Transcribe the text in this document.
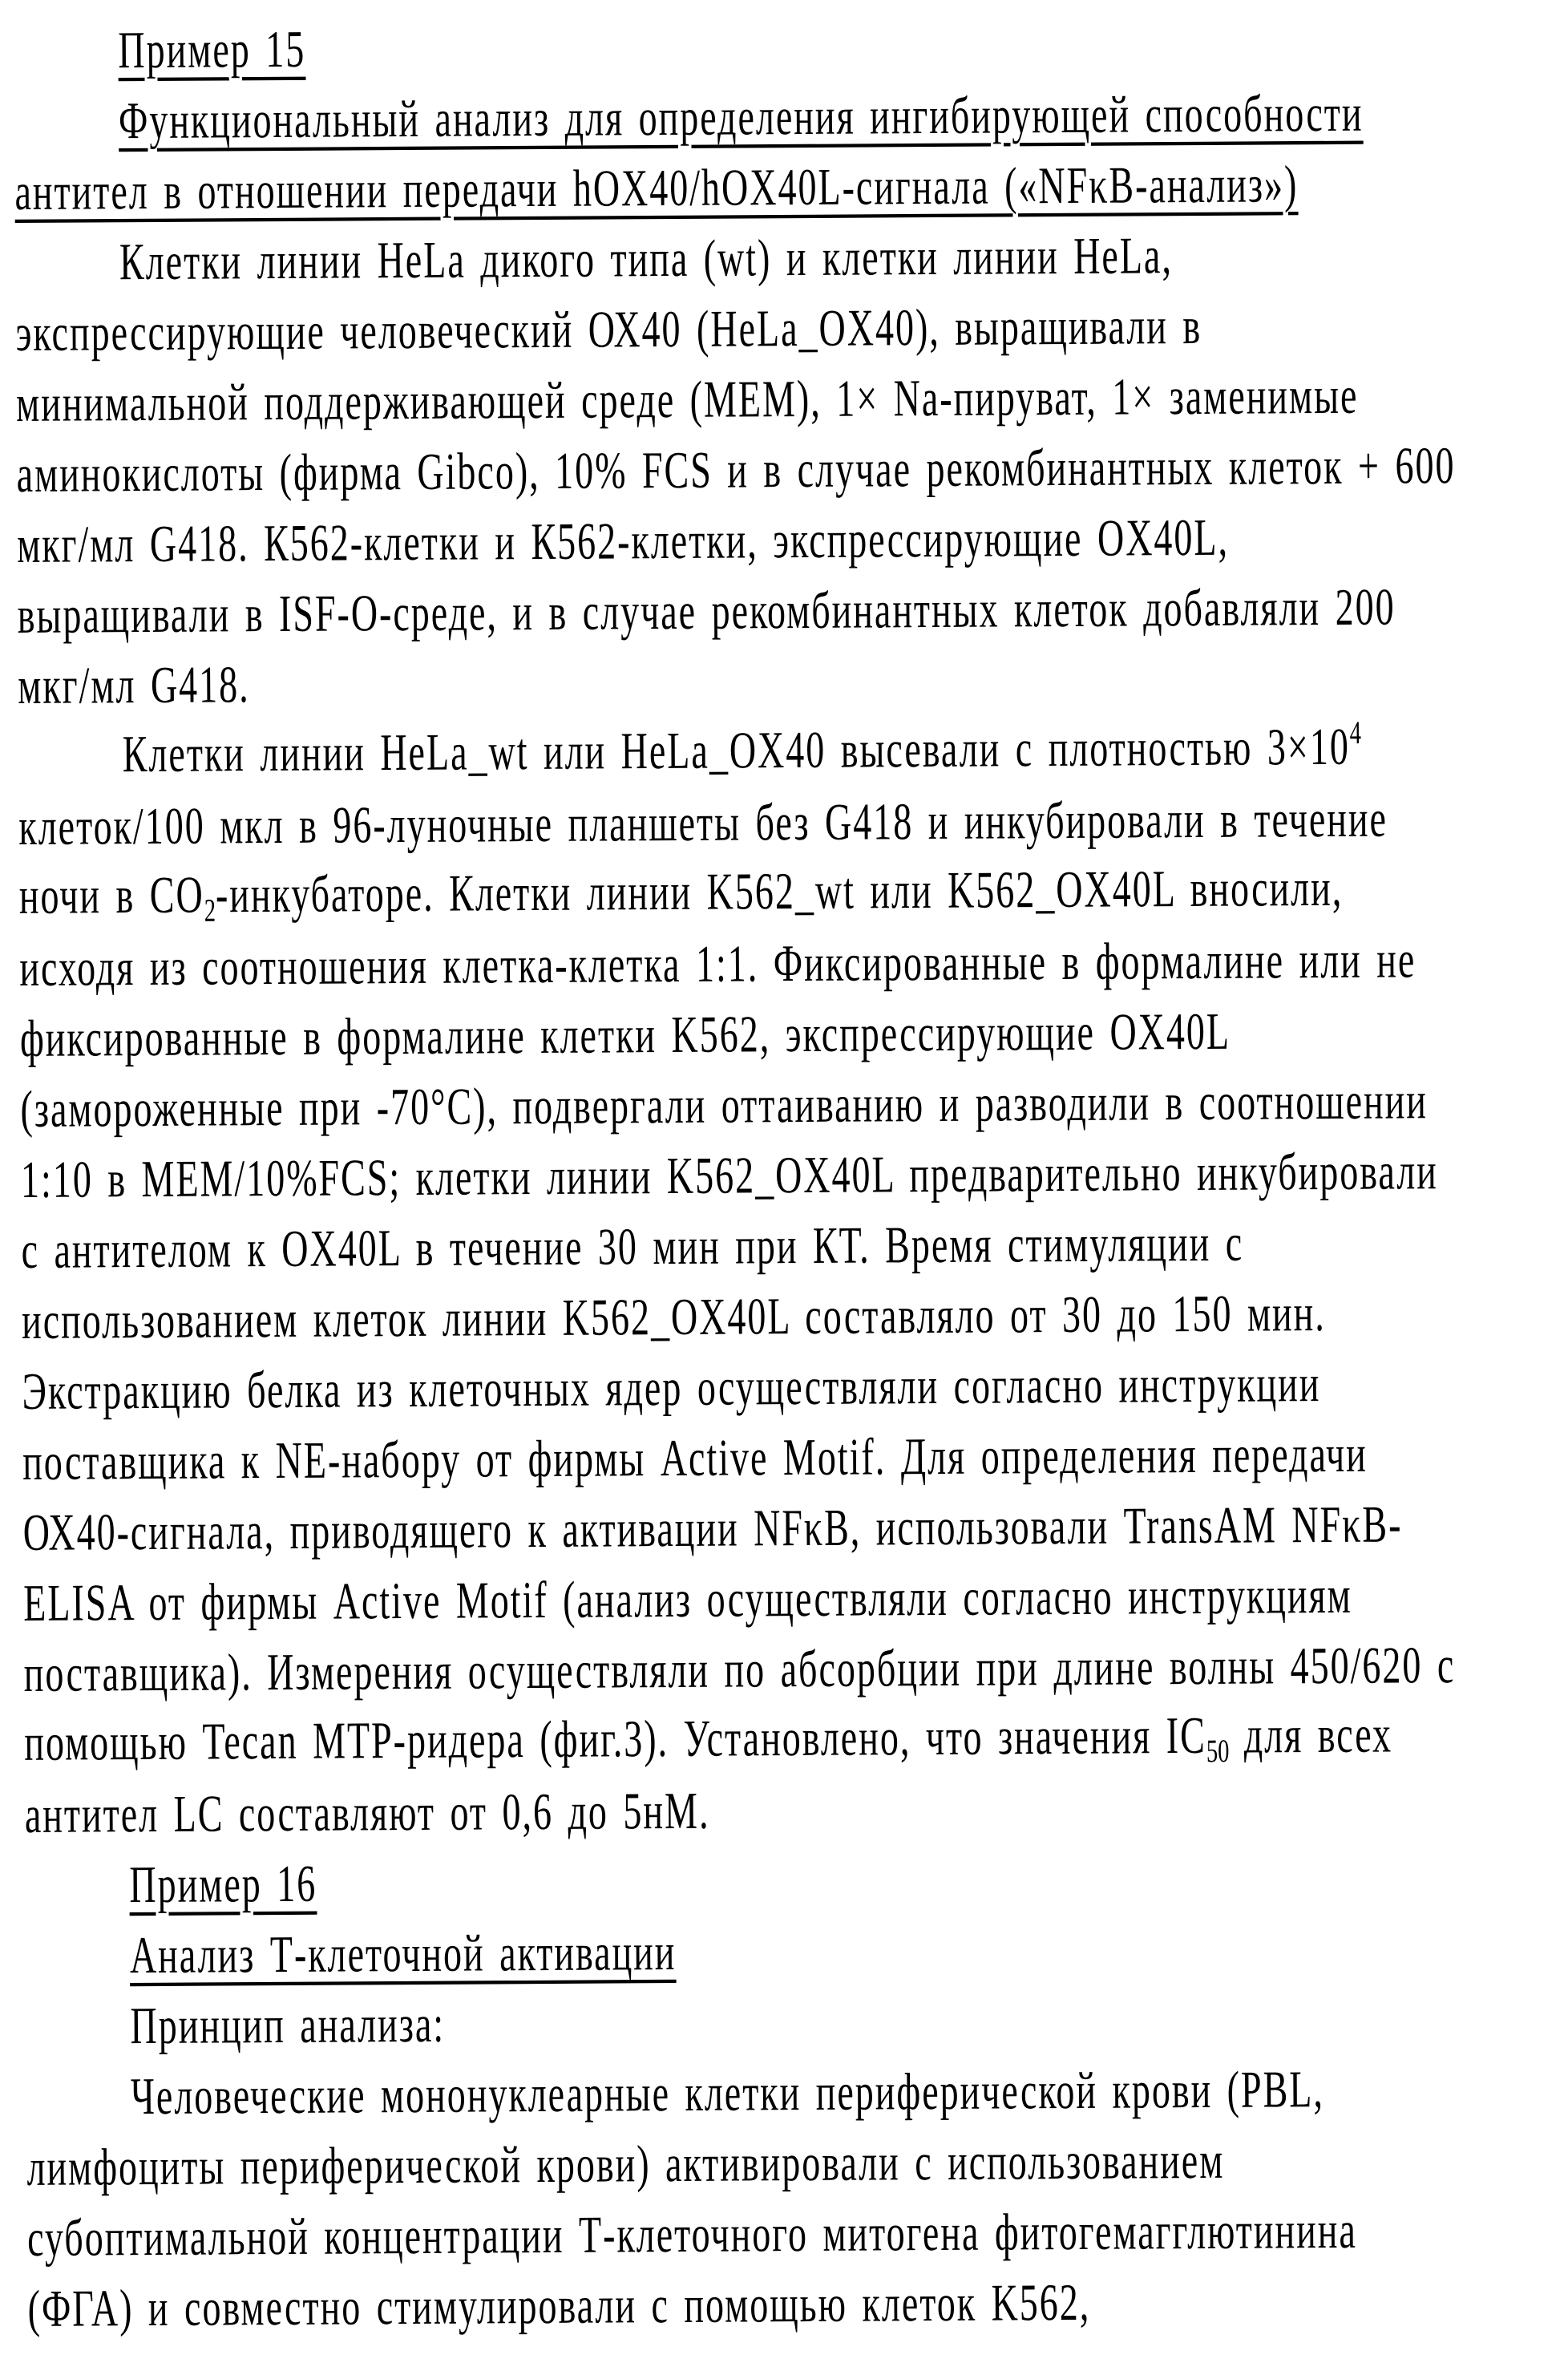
Пример 15
Функциональный анализ для определения ингибирующей способности
антител в отношении передачи hOX40/hOX40L-сигнала («NFκB-анализ»)
Клетки линии HeLa дикого типа (wt) и клетки линии HeLa,
экспрессирующие человеческий ОХ40 (HeLa_OX40), выращивали в
минимальной поддерживающей среде (МЕМ), 1× Na-пируват, 1× заменимые
аминокислоты (фирма Gibco), 10% FCS и в случае рекомбинантных клеток + 600
мкг/мл G418. К562-клетки и К562-клетки, экспрессирующие OX40L,
выращивали в ISF-O-среде, и в случае рекомбинантных клеток добавляли 200
мкг/мл G418.
Клетки линии HeLa_wt или HeLa_OX40 высевали с плотностью $3\times 10^4$
клеток/100 мкл в 96-луночные планшеты без G418 и инкубировали в течение
ночи в CO2-инкубаторе. Клетки линии K562_wt или K562_OX40L вносили,
исходя из соотношения клетка-клетка 1:1. Фиксированные в формалине или не
фиксированные в формалине клетки K562, экспрессирующие OX40L
(замороженные при -70°C), подвергали оттаиванию и разводили в соотношении
1:10 в MEM/10%FCS; клетки линии K562_OX40L предварительно инкубировали
с антителом к OX40L в течение 30 мин при КТ. Время стимуляции с
использованием клеток линии K562_OX40L составляло от 30 до 150 мин.
Экстракцию белка из клеточных ядер осуществляли согласно инструкции
поставщика к NE-набору от фирмы Active Motif. Для определения передачи
ОХ40-сигнала, приводящего к активации NFκB, использовали TransAM NFκB-
ELISA от фирмы Active Motif (анализ осуществляли согласно инструкциям
поставщика). Измерения осуществляли по абсорбции при длине волны 450/620 с
помощью Tecan MTP-ридера (фиг.3). Установлено, что значения IC50 для всех
антител LC составляют от 0,6 до 5нМ.
Пример 16
Анализ Т-клеточной активации
Принцип анализа:
Человеческие мононуклеарные клетки периферической крови (PBL,
лимфоциты периферической крови) активировали с использованием
субоптимальной концентрации Т-клеточного митогена фитогемагглютинина
(ФГА) и совместно стимулировали с помощью клеток K562,
